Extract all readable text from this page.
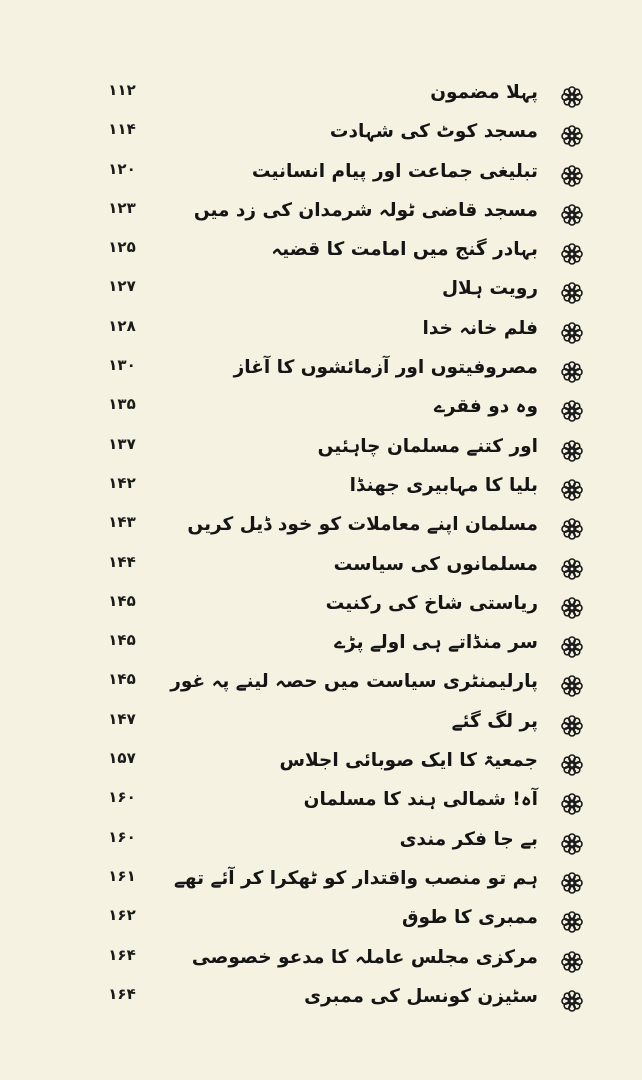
پہلا مضمون
۱۱۲
مسجد کوٹ کی شہادت
۱۱۴
تبلیغی جماعت اور پیام انسانیت
۱۲۰
مسجد قاضی ٹولہ شرمدان کی زد میں
۱۲۳
بہادر گنج میں امامت کا قضیہ
۱۲۵
رویت ہلال
۱۲۷
فلم خانہ خدا
۱۲۸
مصروفیتوں اور آزمائشوں کا آغاز
۱۳۰
وہ دو فقرے
۱۳۵
اور کتنے مسلمان چاہئیں
۱۳۷
بلیا کا مہابیری جھنڈا
۱۴۲
مسلمان اپنے معاملات کو خود ڈیل کریں
۱۴۳
مسلمانوں کی سیاست
۱۴۴
ریاستی شاخ کی رکنیت
۱۴۵
سر منڈاتے ہی اولے پڑے
۱۴۵
پارلیمنٹری سیاست میں حصہ لینے پہ غور
۱۴۵
پر لگ گئے
۱۴۷
جمعیۃ کا ایک صوبائی اجلاس
۱۵۷
آہ! شمالی ہند کا مسلمان
۱۶۰
بے جا فکر مندی
۱۶۰
ہم تو منصب واقتدار کو ٹھکرا کر آئے تھے
۱۶۱
ممبری کا طوق
۱۶۲
مرکزی مجلس عاملہ کا مدعو خصوصی
۱۶۴
سٹیزن کونسل کی ممبری
۱۶۴
